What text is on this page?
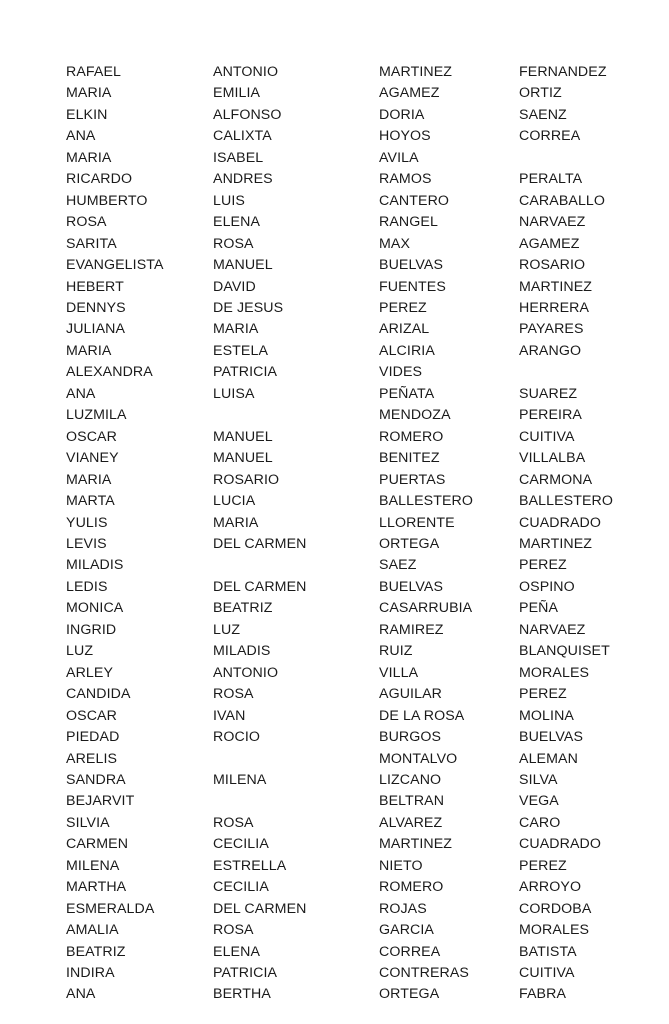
RAFAEL	ANTONIO	MARTINEZ	FERNANDEZ
MARIA	EMILIA	AGAMEZ	ORTIZ
ELKIN	ALFONSO	DORIA	SAENZ
ANA	CALIXTA	HOYOS	CORREA
MARIA	ISABEL	AVILA	
RICARDO	ANDRES	RAMOS	PERALTA
HUMBERTO	LUIS	CANTERO	CARABALLO
ROSA	ELENA	RANGEL	NARVAEZ
SARITA	ROSA	MAX	AGAMEZ
EVANGELISTA	MANUEL	BUELVAS	ROSARIO
HEBERT	DAVID	FUENTES	MARTINEZ
DENNYS	DE JESUS	PEREZ	HERRERA
JULIANA	MARIA	ARIZAL	PAYARES
MARIA	ESTELA	ALCIRIA	ARANGO
ALEXANDRA	PATRICIA	VIDES	
ANA	LUISA	PEÑATA	SUAREZ
LUZMILA		MENDOZA	PEREIRA
OSCAR	MANUEL	ROMERO	CUITIVA
VIANEY	MANUEL	BENITEZ	VILLALBA
MARIA	ROSARIO	PUERTAS	CARMONA
MARTA	LUCIA	BALLESTERO	BALLESTERO
YULIS	MARIA	LLORENTE	CUADRADO
LEVIS	DEL CARMEN	ORTEGA	MARTINEZ
MILADIS		SAEZ	PEREZ
LEDIS	DEL CARMEN	BUELVAS	OSPINO
MONICA	BEATRIZ	CASARRUBIA	PEÑA
INGRID	LUZ	RAMIREZ	NARVAEZ
LUZ	MILADIS	RUIZ	BLANQUISET
ARLEY	ANTONIO	VILLA	MORALES
CANDIDA	ROSA	AGUILAR	PEREZ
OSCAR	IVAN	DE LA ROSA	MOLINA
PIEDAD	ROCIO	BURGOS	BUELVAS
ARELIS		MONTALVO	ALEMAN
SANDRA	MILENA	LIZCANO	SILVA
BEJARVIT		BELTRAN	VEGA
SILVIA	ROSA	ALVAREZ	CARO
CARMEN	CECILIA	MARTINEZ	CUADRADO
MILENA	ESTRELLA	NIETO	PEREZ
MARTHA	CECILIA	ROMERO	ARROYO
ESMERALDA	DEL CARMEN	ROJAS	CORDOBA
AMALIA	ROSA	GARCIA	MORALES
BEATRIZ	ELENA	CORREA	BATISTA
INDIRA	PATRICIA	CONTRERAS	CUITIVA
ANA	BERTHA	ORTEGA	FABRA
